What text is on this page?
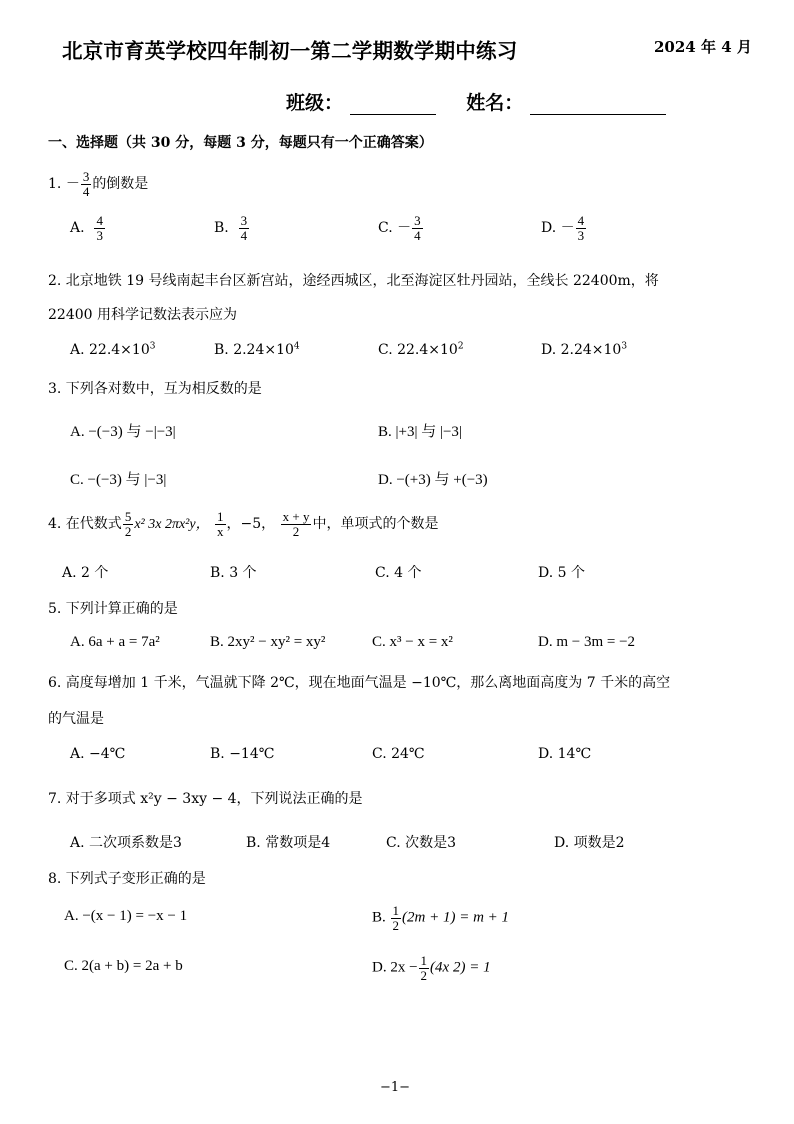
北京市育英学校四年制初一第二学期数学期中练习	2024 年 4 月
班级：	姓名：
一、选择题（共 30 分，每题 3 分，每题只有一个正确答案）
1. － $\frac{3}{4}$ 的倒数是
A. $\frac{4}{3}$	B. $\frac{3}{4}$	C. － $\frac{3}{4}$	D. － $\frac{4}{3}$
2. 北京地铁 19 号线南起丰台区新宫站，途经西城区，北至海淀区牡丹园站，全线长 22400m，将
22400 用科学记数法表示应为
A. $22.4\times 10^3$	B. $2.24\times 10^4$	C. $22.4\times 10^2$	D. $2.24\times 10^3$
3. 下列各对数中，互为相反数的是
A. −(−3) 与 −|−3|	B. |+3| 与 |−3|
C. −(−3) 与 |−3|	D. −(+3) 与 +(−3)
4. 在代数式 $\frac{5}{2} x^2$ 3x 2πx²y， $\frac{1}{x}$ ，−5， $\frac{x + y}{2}$ 中，单项式的个数是
A. 2 个	B. 3 个	C. 4 个	D. 5 个
5. 下列计算正确的是
A. 6a + a = 7a²	B. 2xy² − xy² = xy²	C. x³ − x = x²	D. m − 3m = −2
6. 高度每增加 1 千米，气温就下降 2℃，现在地面气温是 −10℃，那么离地面高度为 7 千米的高空
的气温是
A. −4℃	B. −14℃	C. 24℃	D. 14℃
7. 对于多项式 x²y − 3xy − 4，下列说法正确的是
A. 二次项系数是3	B. 常数项是4	C. 次数是3	D. 项数是2
8. 下列式子变形正确的是
A. −(x − 1) = −x − 1	B. $\frac{1}{2} (2m + 1) = m + 1$
C. 2(a + b) = 2a + b	D. $2x - \frac{1}{2} (4x$ 2) = 1
−1−
